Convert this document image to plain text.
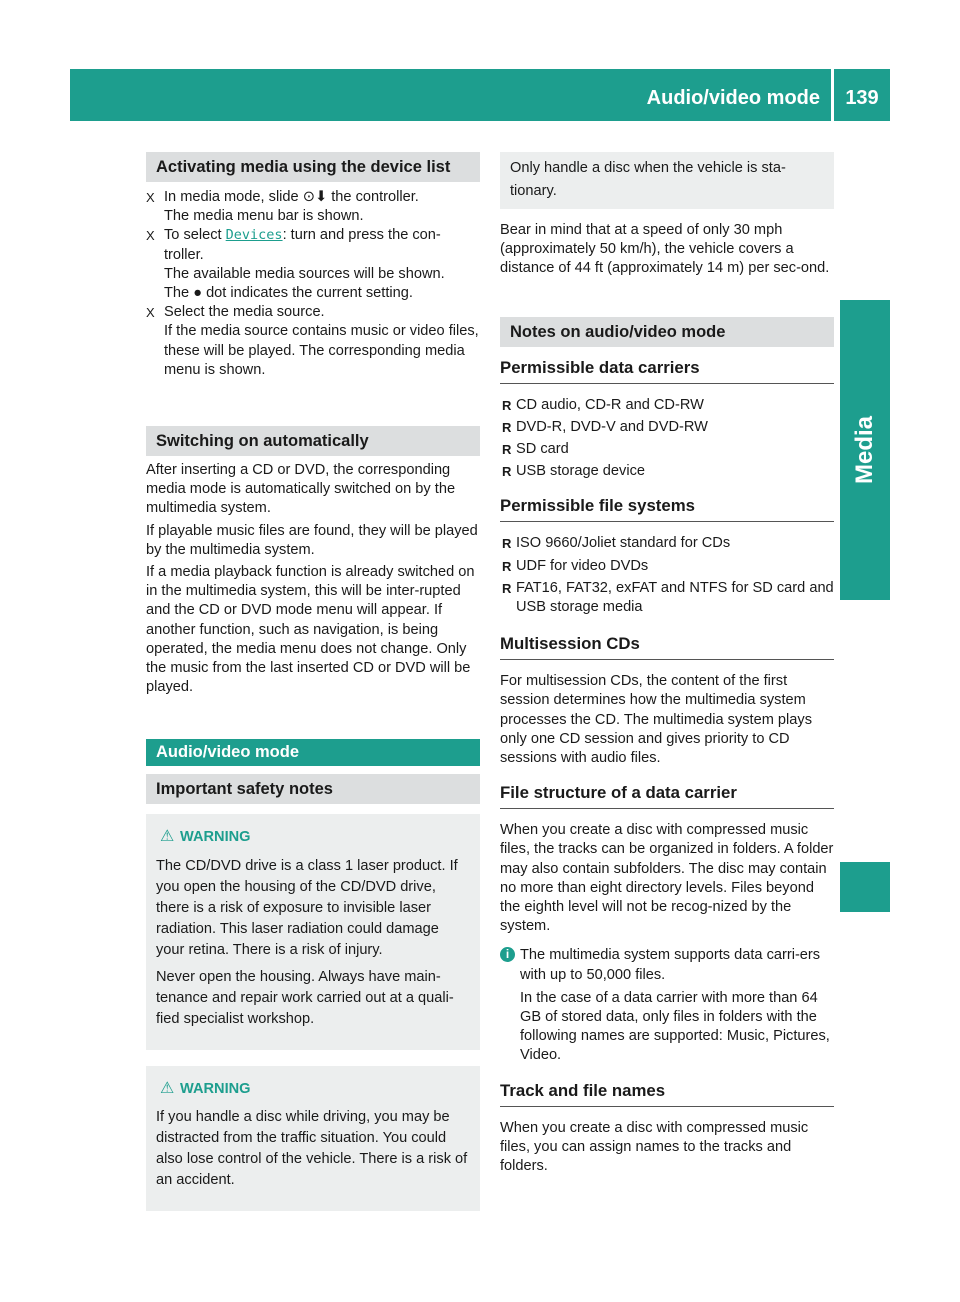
Audio/video mode 139
Media
Activating media using the device list
X In media mode, slide ⊙⬇ the controller.
The media menu bar is shown.
X To select Devices: turn and press the con-troller.
The available media sources will be shown.
The ● dot indicates the current setting.
X Select the media source.
If the media source contains music or video files, these will be played. The corresponding media menu is shown.
Switching on automatically

After inserting a CD or DVD, the corresponding media mode is automatically switched on by the multimedia system.

If playable music files are found, they will be played by the multimedia system.

If a media playback function is already switched on in the multimedia system, this will be inter-rupted and the CD or DVD mode menu will appear. If another function, such as navigation, is being operated, the media menu does not change. Only the music from the last inserted CD or DVD will be played.

Audio/video mode
Important safety notes
⚠ WARNING

The CD/DVD drive is a class 1 laser product. If you open the housing of the CD/DVD drive, there is a risk of exposure to invisible laser radiation. This laser radiation could damage your retina. There is a risk of injury.

Never open the housing. Always have main-tenance and repair work carried out at a quali-fied specialist workshop.

⚠ WARNING

If you handle a disc while driving, you may be distracted from the traffic situation. You could also lose control of the vehicle. There is a risk of an accident.

Only handle a disc when the vehicle is sta-tionary.

Bear in mind that at a speed of only 30 mph (approximately 50 km/h), the vehicle covers a distance of 44 ft (approximately 14 m) per sec-ond.

Notes on audio/video mode
Permissible data carriers
R CD audio, CD-R and CD-RW
R DVD-R, DVD-V and DVD-RW
R SD card
R USB storage device
Permissible file systems
R ISO 9660/Joliet standard for CDs
R UDF for video DVDs
R FAT16, FAT32, exFAT and NTFS for SD card and USB storage media
Multisession CDs

For multisession CDs, the content of the first session determines how the multimedia system processes the CD. The multimedia system plays only one CD session and gives priority to CD sessions with audio files.

File structure of a data carrier

When you create a disc with compressed music files, the tracks can be organized in folders. A folder may also contain subfolders. The disc may contain no more than eight directory levels. Files beyond the eighth level will not be recog-nized by the system.

i The multimedia system supports data carri-ers with up to 50,000 files.

In the case of a data carrier with more than 64 GB of stored data, only files in folders with the following names are supported: Music, Pictures, Video.

Track and file names

When you create a disc with compressed music files, you can assign names to the tracks and folders.
